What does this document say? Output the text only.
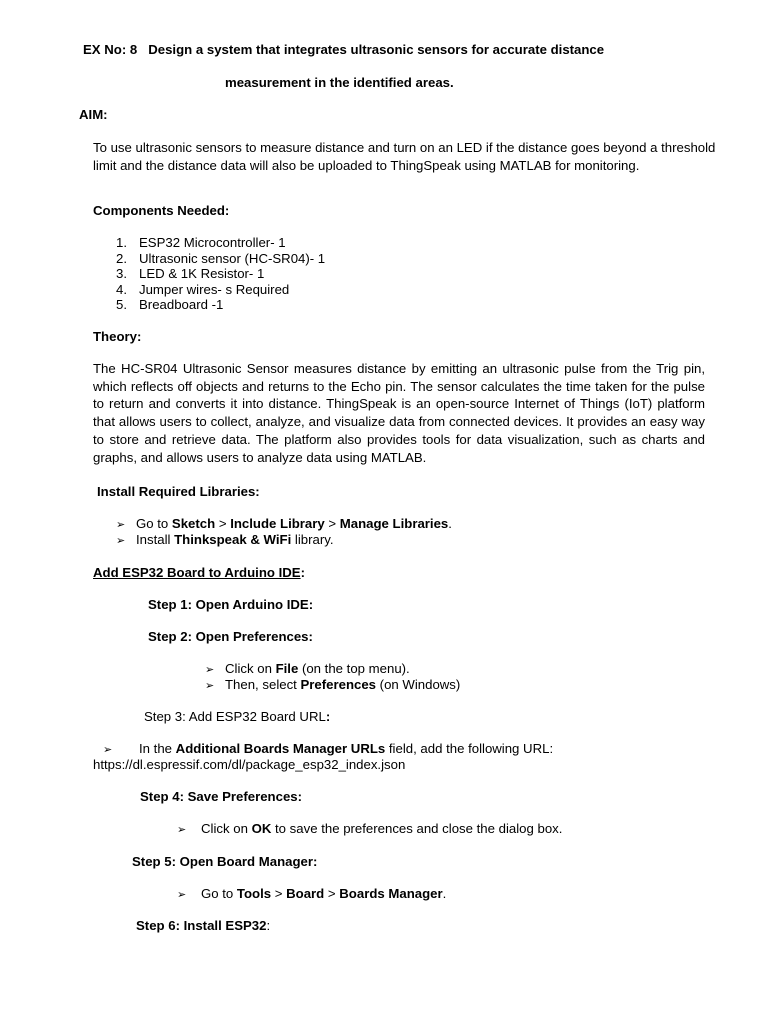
EX No: 8 Design a system that integrates ultrasonic sensors for accurate distance
measurement in the identified areas.
AIM:
To use ultrasonic sensors to measure distance and turn on an LED if the distance goes beyond a threshold limit and the distance data will also be uploaded to ThingSpeak using MATLAB for monitoring.
Components Needed:
1. ESP32 Microcontroller- 1
2. Ultrasonic sensor (HC-SR04)- 1
3. LED & 1K Resistor- 1
4. Jumper wires- s Required
5. Breadboard -1
Theory:
The HC-SR04 Ultrasonic Sensor measures distance by emitting an ultrasonic pulse from the Trig pin, which reflects off objects and returns to the Echo pin. The sensor calculates the time taken for the pulse to return and converts it into distance. ThingSpeak is an open-source Internet of Things (IoT) platform that allows users to collect, analyze, and visualize data from connected devices. It provides an easy way to store and retrieve data. The platform also provides tools for data visualization, such as charts and graphs, and allows users to analyze data using MATLAB.
Install Required Libraries:
➢ Go to Sketch > Include Library > Manage Libraries.
➢ Install Thinkspeak & WiFi library.
Add ESP32 Board to Arduino IDE:
Step 1: Open Arduino IDE:
Step 2: Open Preferences:
➢ Click on File (on the top menu).
➢ Then, select Preferences (on Windows)
Step 3: Add ESP32 Board URL:
➢ In the Additional Boards Manager URLs field, add the following URL:
https://dl.espressif.com/dl/package_esp32_index.json
Step 4: Save Preferences:
➢ Click on OK to save the preferences and close the dialog box.
Step 5: Open Board Manager:
➢ Go to Tools > Board > Boards Manager.
Step 6: Install ESP32:
